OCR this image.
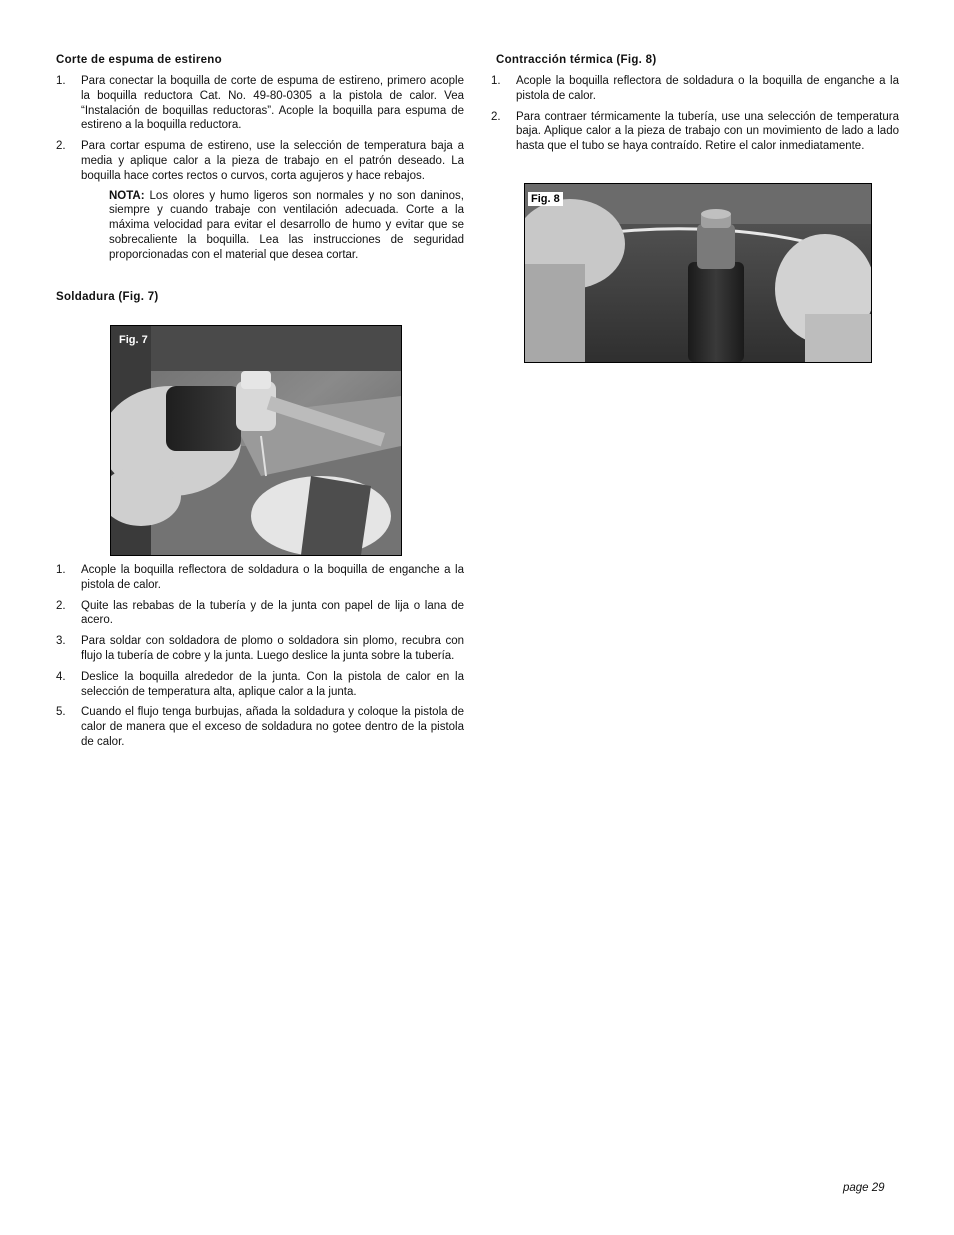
Corte de espuma de estireno
1. Para conectar la boquilla de corte de espuma de estireno, primero acople la boquilla reductora Cat. No. 49-80-0305 a la pistola de calor. Vea “Instalación de boquillas reductoras”. Acople la boquilla para espuma de estireno a la boquilla reductora.
2. Para cortar espuma de estireno, use la selección de temperatura baja a media y aplique calor a la pieza de trabajo en el patrón deseado. La boquilla hace cortes rectos o curvos, corta agujeros y hace rebajos.
NOTA: Los olores y humo ligeros son normales y no son daninos, siempre y cuando trabaje con ventilación adecuada. Corte a la máxima velocidad para evitar el desarrollo de humo y evitar que se sobrecaliente la boquilla. Lea las instrucciones de seguridad proporcionadas con el material que desea cortar.
Soldadura (Fig. 7)
Fig. 7
1. Acople la boquilla reflectora de soldadura o la boquilla de enganche a la pistola de calor.
2. Quite las rebabas de la tubería y de la junta con papel de lija o lana de acero.
3. Para soldar con soldadora de plomo o soldadora sin plomo, recubra con flujo la tubería de cobre y la junta. Luego deslice la junta sobre la tubería.
4. Deslice la boquilla alrededor de la junta. Con la pistola de calor en la selección de temperatura alta, aplique calor a la junta.
5. Cuando el flujo tenga burbujas, añada la soldadura y coloque la pistola de calor de manera que el exceso de soldadura no gotee dentro de la pistola de calor.
Contracción térmica (Fig. 8)
1. Acople la boquilla reflectora de soldadura o la boquilla de enganche a la pistola de calor.
2. Para contraer térmicamente la tubería, use una selección de temperatura baja. Aplique calor a la pieza de trabajo con un movimiento de lado a lado hasta que el tubo se haya contraído. Retire el calor inmediatamente.
Fig. 8
page 29
